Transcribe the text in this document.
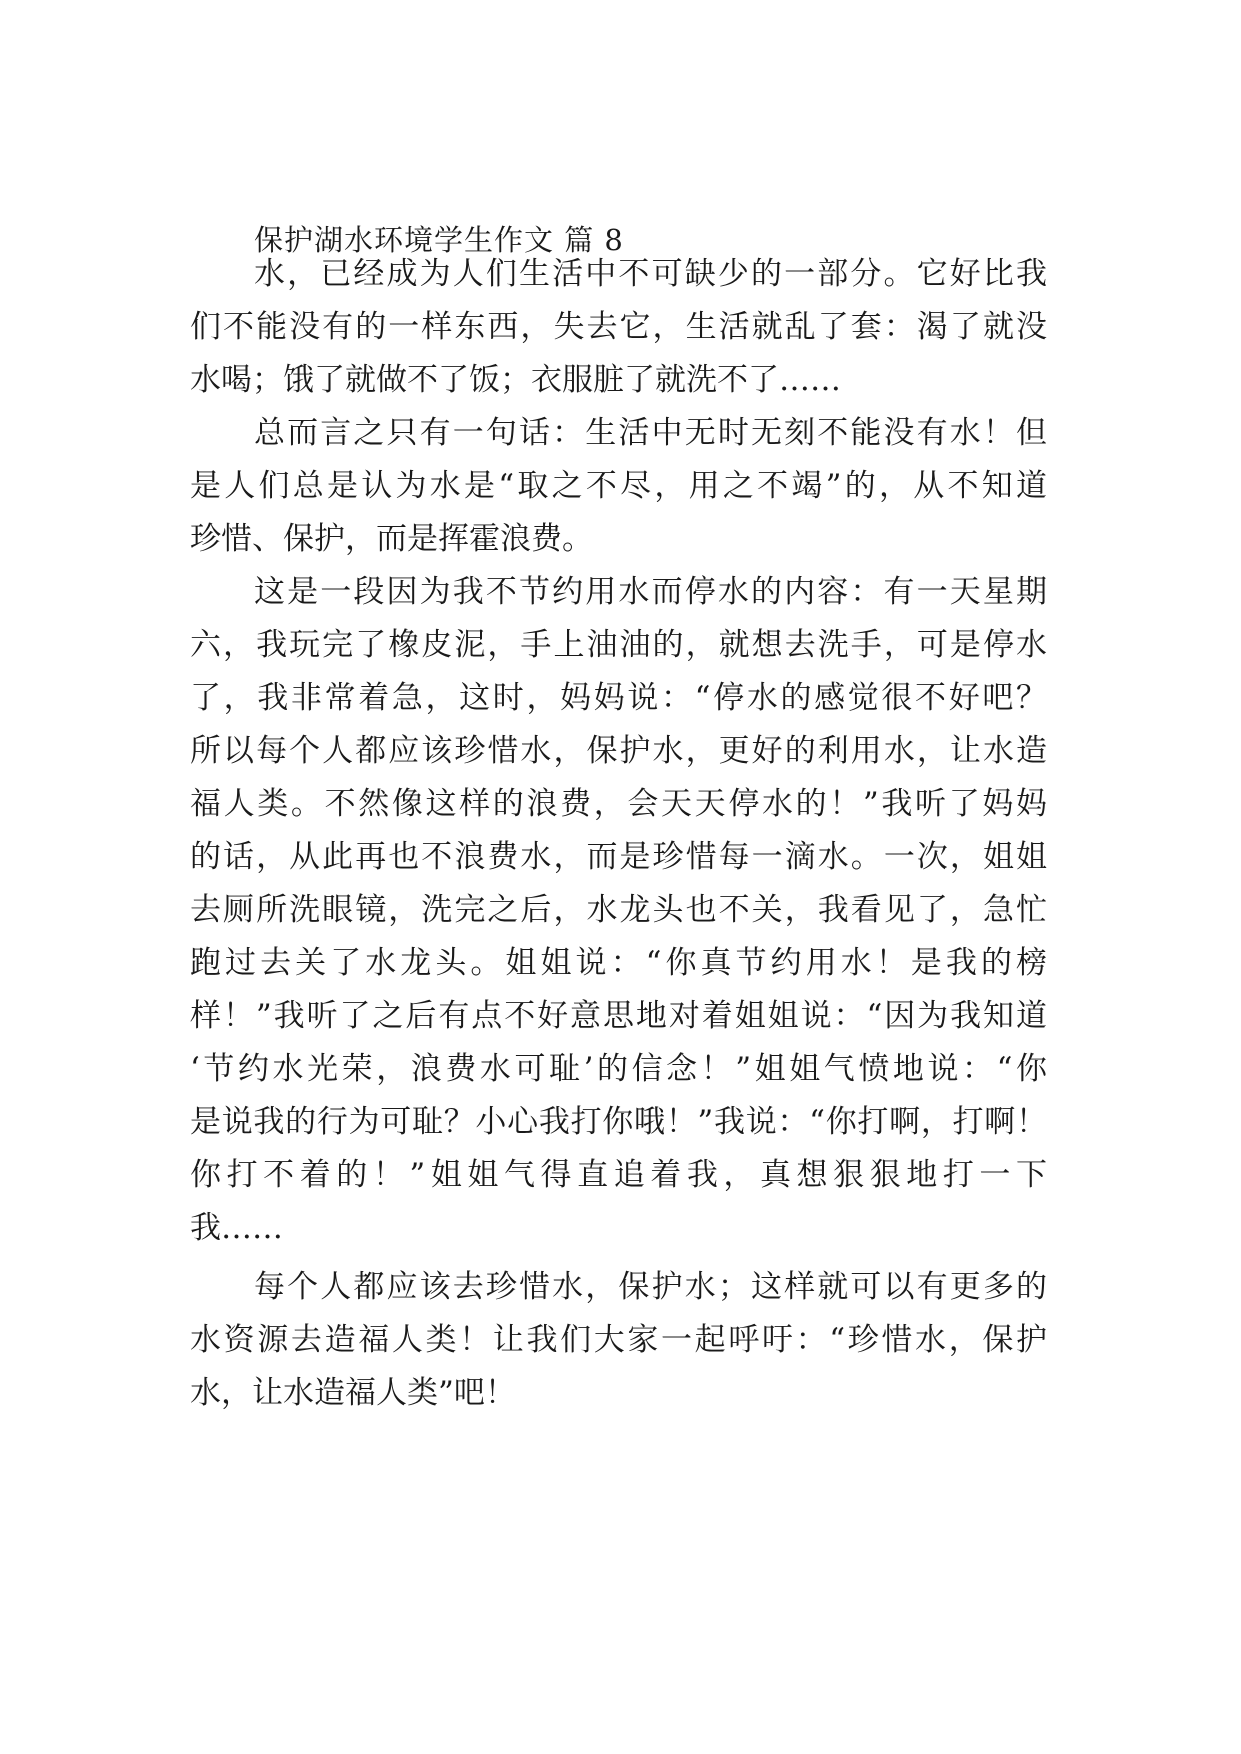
保护湖水环境学生作文 篇 8
水，已经成为人们生活中不可缺少的一部分。它好比我
们不能没有的一样东西，失去它，生活就乱了套：渴了就没
水喝；饿了就做不了饭；衣服脏了就洗不了……
总而言之只有一句话：生活中无时无刻不能没有水！但
是人们总是认为水是“取之不尽，用之不竭”的，从不知道
珍惜、保护，而是挥霍浪费。
这是一段因为我不节约用水而停水的内容：有一天星期
六，我玩完了橡皮泥，手上油油的，就想去洗手，可是停水
了，我非常着急，这时，妈妈说：“停水的感觉很不好吧？
所以每个人都应该珍惜水，保护水，更好的利用水，让水造
福人类。不然像这样的浪费，会天天停水的！”我听了妈妈
的话，从此再也不浪费水，而是珍惜每一滴水。一次，姐姐
去厕所洗眼镜，洗完之后，水龙头也不关，我看见了，急忙
跑过去关了水龙头。姐姐说：“你真节约用水！是我的榜
样！”我听了之后有点不好意思地对着姐姐说：“因为我知道
‘节约水光荣，浪费水可耻’的信念！”姐姐气愤地说：“你
是说我的行为可耻？小心我打你哦！”我说：“你打啊，打啊！
你打不着的！”姐姐气得直追着我，真想狠狠地打一下
我……
每个人都应该去珍惜水，保护水；这样就可以有更多的
水资源去造福人类！让我们大家一起呼吁：“珍惜水，保护
水，让水造福人类”吧！
